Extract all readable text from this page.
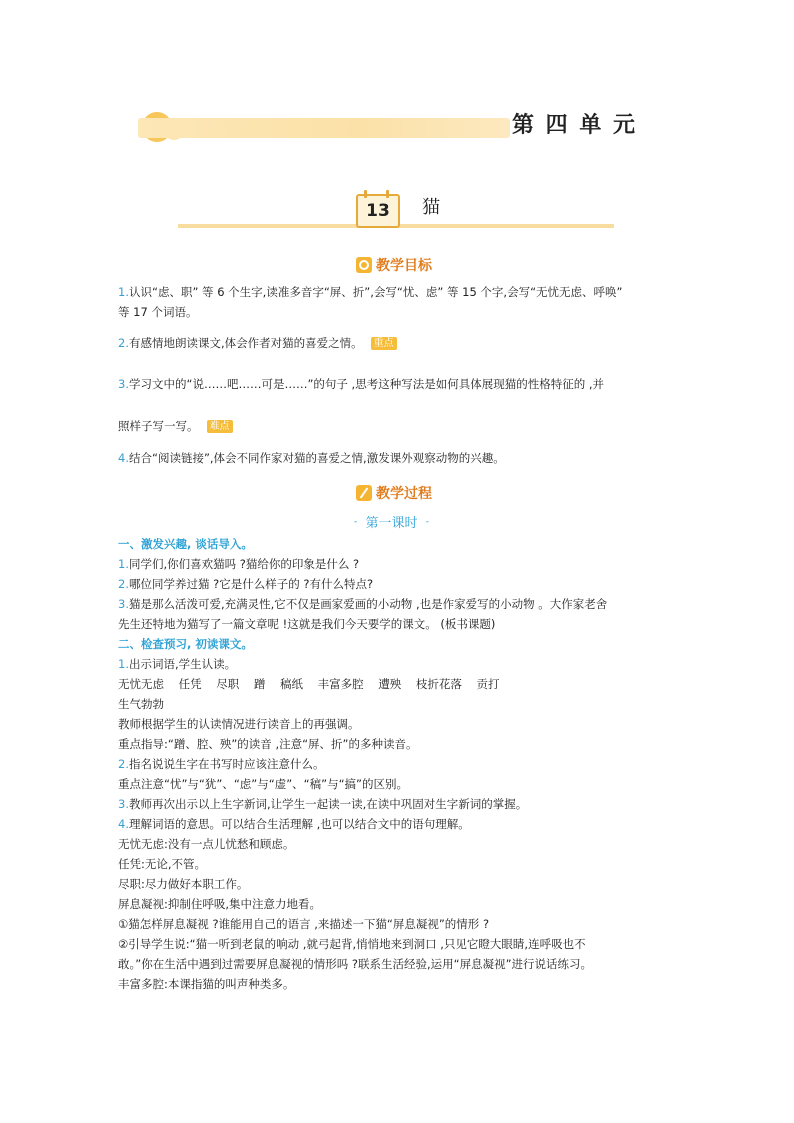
第 四 单 元
13	猫
教学目标
1.认识“虑、职” 等 6 个生字,读准多音字“屏、折”,会写“忧、虑” 等 15 个字,会写“无忧无虑、呼唤”
等 17 个词语。
2.有感情地朗读课文,体会作者对猫的喜爱之情。 重点
3.学习文中的“说……吧……可是……”的句子 ,思考这种写法是如何具体展现猫的性格特征的 ,并
照样子写一写。 难点
4.结合“阅读链接”,体会不同作家对猫的喜爱之情,激发课外观察动物的兴趣。
教学过程
- 第一课时 -
一、激发兴趣, 谈话导入。
1.同学们,你们喜欢猫吗 ?猫给你的印象是什么 ?
2.哪位同学养过猫 ?它是什么样子的 ?有什么特点?
3.猫是那么活泼可爱,充满灵性,它不仅是画家爱画的小动物 ,也是作家爱写的小动物 。大作家老舍
先生还特地为猫写了一篇文章呢 !这就是我们今天要学的课文。 (板书课题)
二、检查预习, 初读课文。
1.出示词语,学生认读。
无忧无虑    任凭    尽职    蹭    稿纸    丰富多腔    遭殃    枝折花落    贡打
生气勃勃
教师根据学生的认读情况进行读音上的再强调。
重点指导:“蹭、腔、殃”的读音 ,注意“屏、折”的多种读音。
2.指名说说生字在书写时应该注意什么。
重点注意“忧”与“犹”、“虑”与“虚”、“稿”与“搞”的区别。
3.教师再次出示以上生字新词,让学生一起读一读,在读中巩固对生字新词的掌握。
4.理解词语的意思。可以结合生活理解 ,也可以结合文中的语句理解。
无忧无虑:没有一点儿忧愁和顾虑。
任凭:无论,不管。
尽职:尽力做好本职工作。
屏息凝视:抑制住呼吸,集中注意力地看。
①猫怎样屏息凝视 ?谁能用自己的语言 ,来描述一下猫“屏息凝视”的情形 ?
②引导学生说:“猫一听到老鼠的响动 ,就弓起背,悄悄地来到洞口 ,只见它瞪大眼睛,连呼吸也不
敢。”你在生活中遇到过需要屏息凝视的情形吗 ?联系生活经验,运用“屏息凝视”进行说话练习。
丰富多腔:本课指猫的叫声种类多。
